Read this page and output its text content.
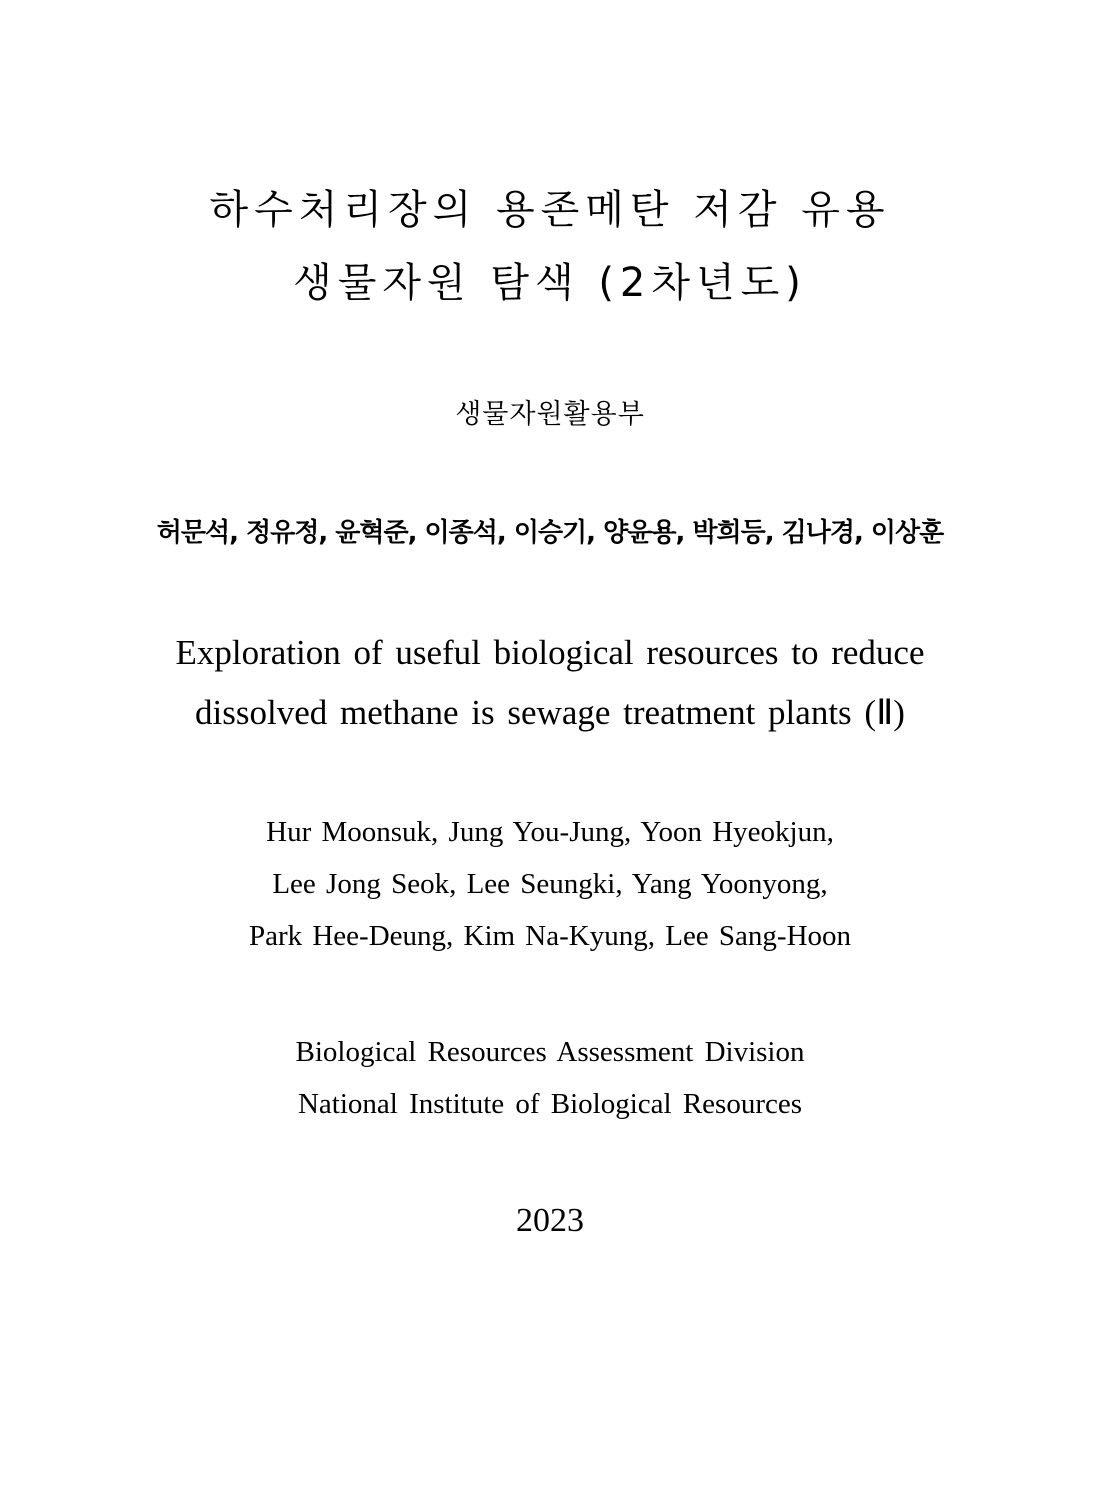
하수처리장의 용존메탄 저감 유용
생물자원 탐색 (2차년도)
생물자원활용부
허문석, 정유정, 윤혁준, 이종석, 이승기, 양윤용, 박희등, 김나경, 이상훈
Exploration of useful biological resources to reduce
dissolved methane is sewage treatment plants (Ⅱ)
Hur Moonsuk, Jung You-Jung, Yoon Hyeokjun,
Lee Jong Seok, Lee Seungki, Yang Yoonyong,
Park Hee-Deung, Kim Na-Kyung, Lee Sang-Hoon
Biological Resources Assessment Division
National Institute of Biological Resources
2023
